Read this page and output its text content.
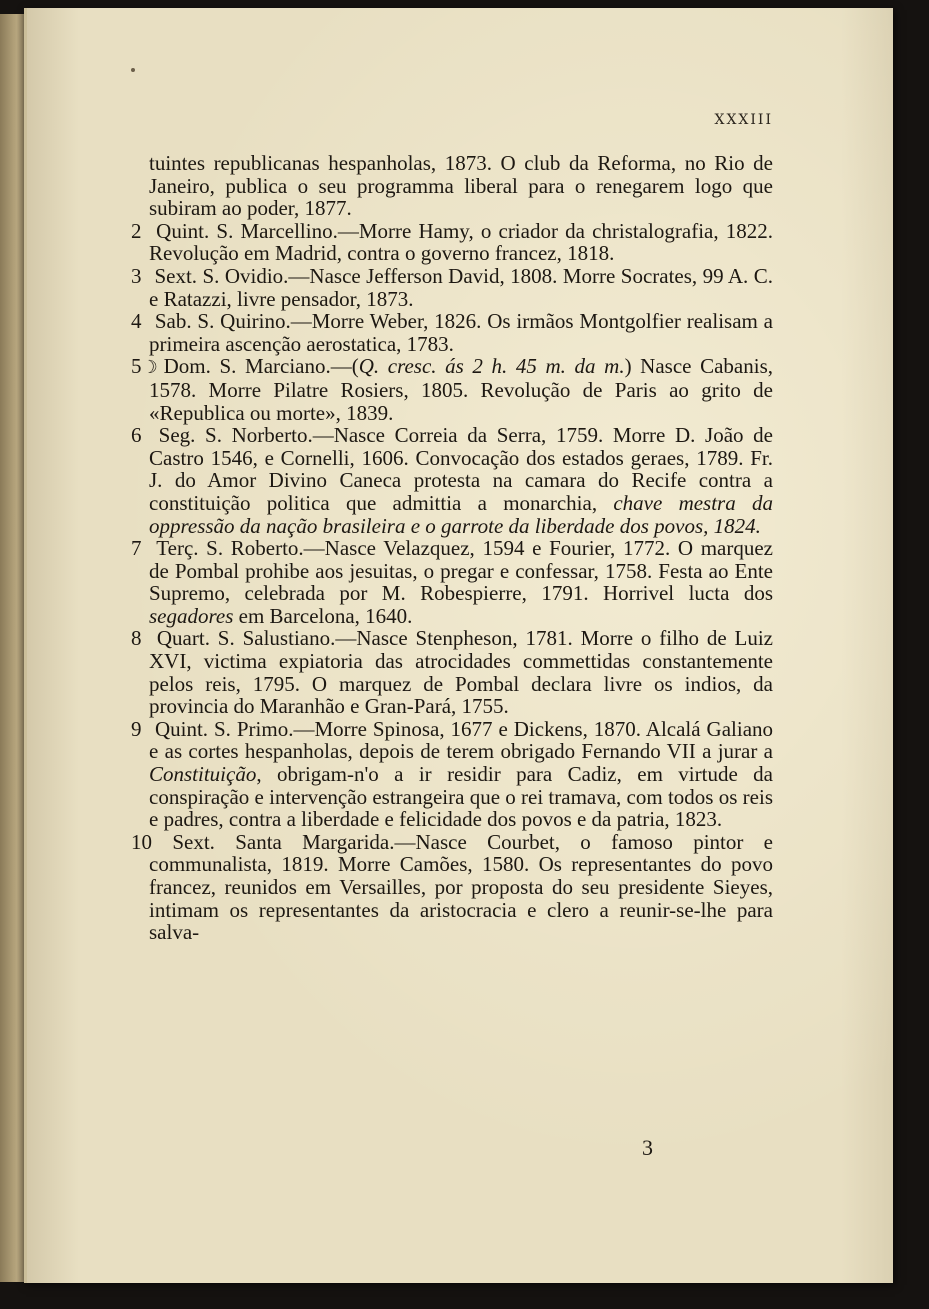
XXXIII

tuintes republicanas hespanholas, 1873. O club da Reforma, no Rio de Janeiro, publica o seu programma liberal para o renegarem logo que subiram ao poder, 1877.

2 Quint. S. Marcellino.—Morre Hamy, o criador da christalografia, 1822. Revolução em Madrid, contra o governo francez, 1818.

3 Sext. S. Ovidio.—Nasce Jefferson David, 1808. Morre Socrates, 99 A. C. e Ratazzi, livre pensador, 1873.

4 Sab. S. Quirino.—Morre Weber, 1826. Os irmãos Montgolfier realisam a primeira ascenção aerostatica, 1783.

5 ☽ Dom. S. Marciano.—(Q. cresc. ás 2 h. 45 m. da m.) Nasce Cabanis, 1578. Morre Pilatre Rosiers, 1805. Revolução de Paris ao grito de «Republica ou morte», 1839.

6 Seg. S. Norberto.—Nasce Correia da Serra, 1759. Morre D. João de Castro 1546, e Cornelli, 1606. Convocação dos estados geraes, 1789. Fr. J. do Amor Divino Caneca protesta na camara do Recife contra a constituição politica que admittia a monarchia, chave mestra da oppressão da nação brasileira e o garrote da liberdade dos povos, 1824.

7 Terç. S. Roberto.—Nasce Velazquez, 1594 e Fourier, 1772. O marquez de Pombal prohibe aos jesuitas, o pregar e confessar, 1758. Festa ao Ente Supremo, celebrada por M. Robespierre, 1791. Horrivel lucta dos segadores em Barcelona, 1640.

8 Quart. S. Salustiano.—Nasce Stenpheson, 1781. Morre o filho de Luiz XVI, victima expiatoria das atrocidades commettidas constantemente pelos reis, 1795. O marquez de Pombal declara livre os indios, da provincia do Maranhão e Gran-Pará, 1755.

9 Quint. S. Primo.—Morre Spinosa, 1677 e Dickens, 1870. Alcalá Galiano e as cortes hespanholas, depois de terem obrigado Fernando VII a jurar a Constituição, obrigam-n'o a ir residir para Cadiz, em virtude da conspiração e intervenção estrangeira que o rei tramava, com todos os reis e padres, contra a liberdade e felicidade dos povos e da patria, 1823.

10 Sext. Santa Margarida.—Nasce Courbet, o famoso pintor e communalista, 1819. Morre Camões, 1580. Os representantes do povo francez, reunidos em Versailles, por proposta do seu presidente Sieyes, intimam os representantes da aristocracia e clero a reunir-se-lhe para salva-

3
